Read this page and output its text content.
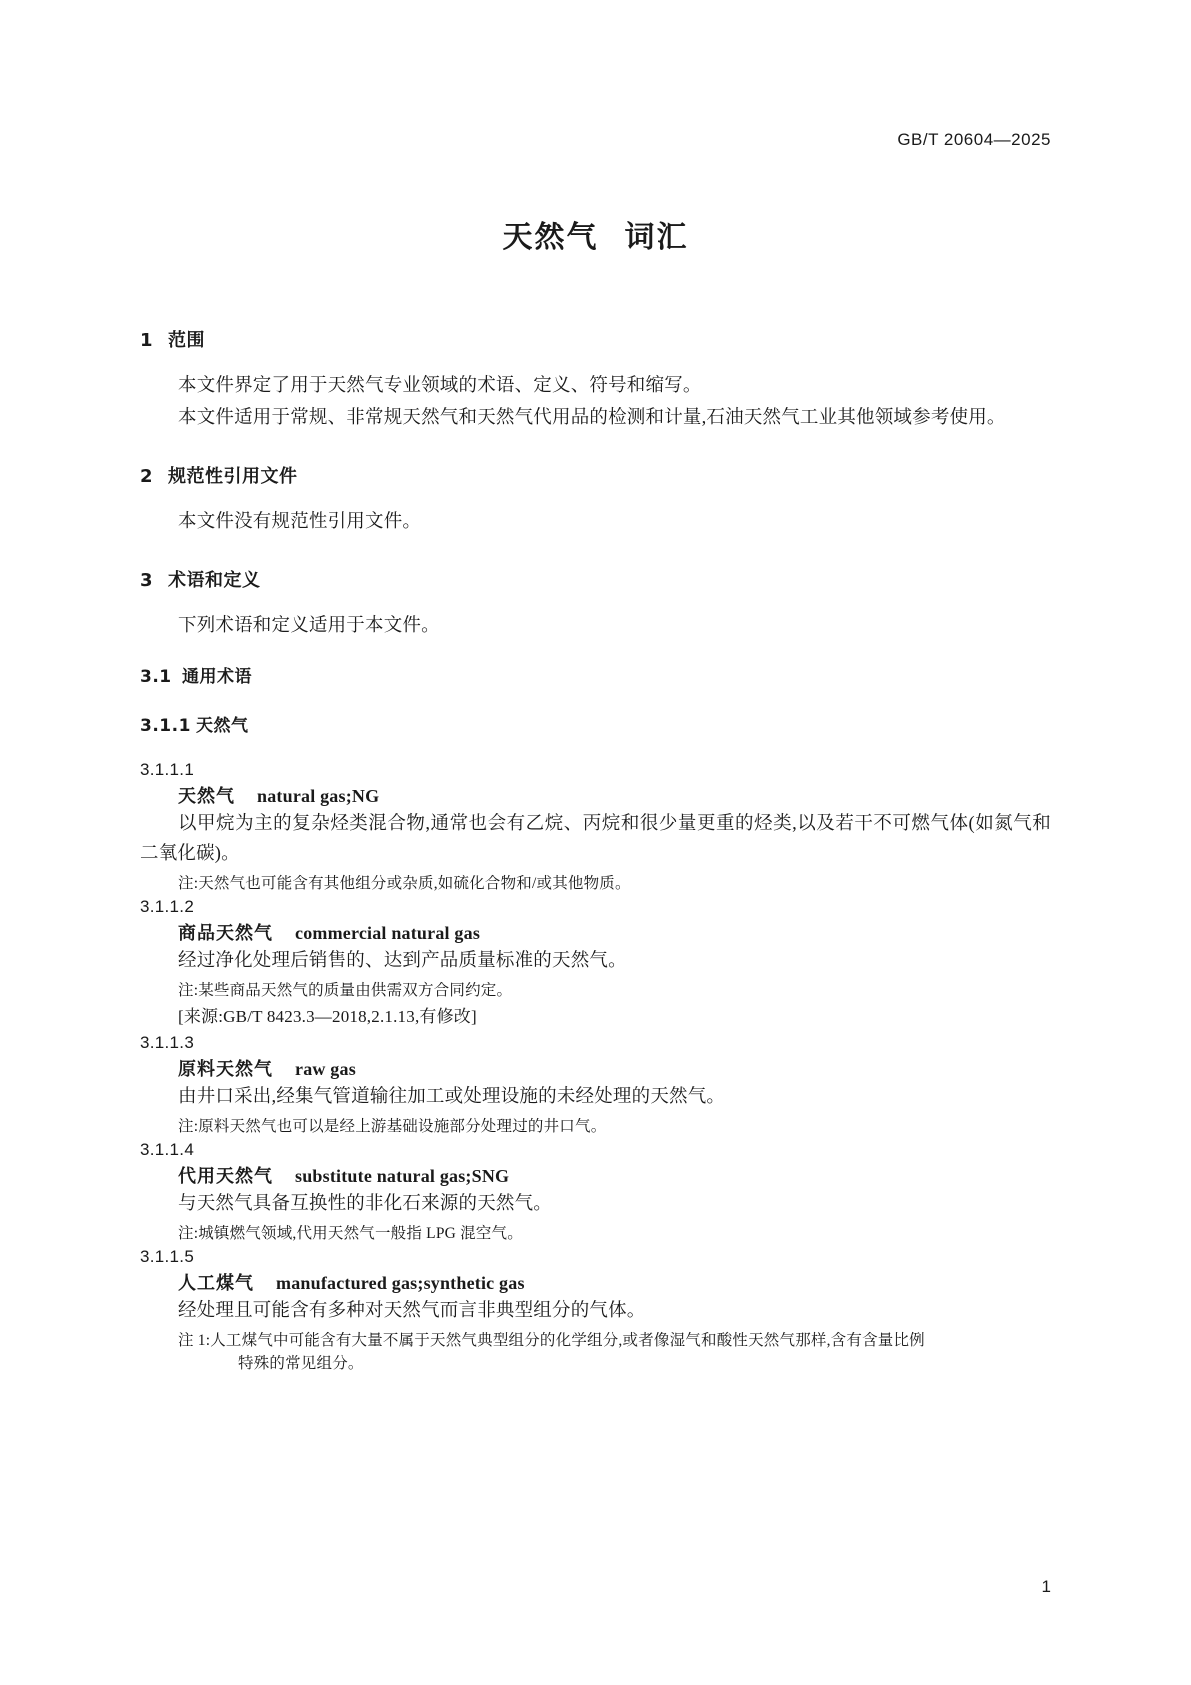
GB/T 20604—2025
天然气 词汇
1 范围

本文件界定了用于天然气专业领域的术语、定义、符号和缩写。

本文件适用于常规、非常规天然气和天然气代用品的检测和计量,石油天然气工业其他领域参考使用。

2 规范性引用文件

本文件没有规范性引用文件。

3 术语和定义

下列术语和定义适用于本文件。

3.1 通用术语
3.1.1 天然气

3.1.1.1

天然气 natural gas;NG

以甲烷为主的复杂烃类混合物,通常也会有乙烷、丙烷和很少量更重的烃类,以及若干不可燃气体(如氮气和二氧化碳)。

注:天然气也可能含有其他组分或杂质,如硫化合物和/或其他物质。

3.1.1.2

商品天然气 commercial natural gas

经过净化处理后销售的、达到产品质量标准的天然气。

注:某些商品天然气的质量由供需双方合同约定。

[来源:GB/T 8423.3—2018,2.1.13,有修改]

3.1.1.3

原料天然气 raw gas

由井口采出,经集气管道输往加工或处理设施的未经处理的天然气。

注:原料天然气也可以是经上游基础设施部分处理过的井口气。

3.1.1.4

代用天然气 substitute natural gas;SNG

与天然气具备互换性的非化石来源的天然气。

注:城镇燃气领域,代用天然气一般指 LPG 混空气。

3.1.1.5

人工煤气 manufactured gas;synthetic gas

经处理且可能含有多种对天然气而言非典型组分的气体。

注 1:人工煤气中可能含有大量不属于天然气典型组分的化学组分,或者像湿气和酸性天然气那样,含有含量比例
特殊的常见组分。

1
